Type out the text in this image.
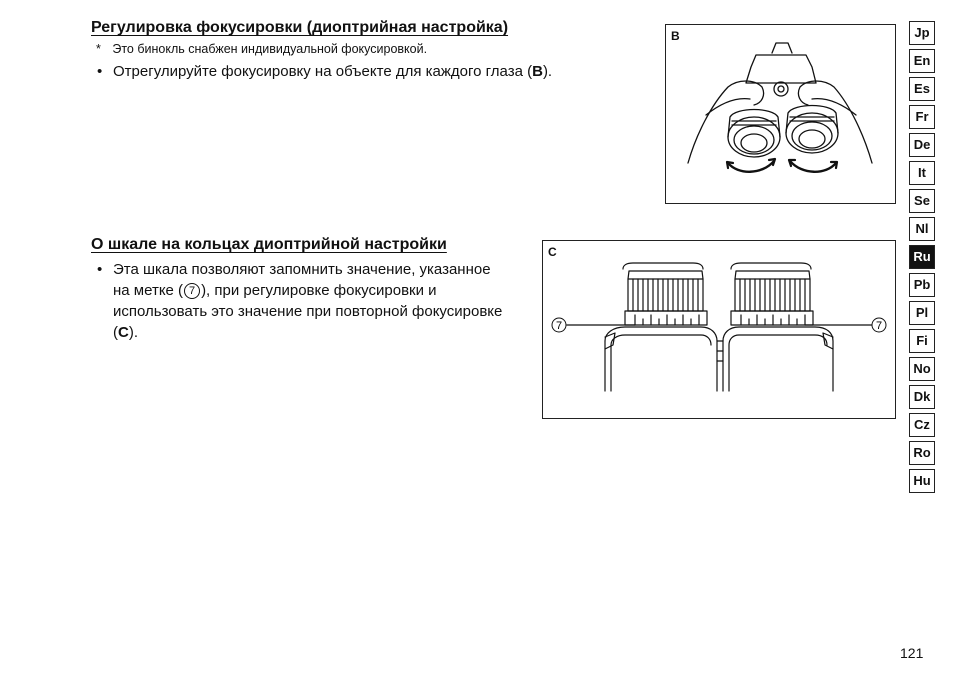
Регулировка фокусировки (диоптрийная настройка)
* Это бинокль снабжен индивидуальной фокусировкой.
• Отрегулируйте фокусировку на объекте для каждого глаза (B).
B
О шкале на кольцах диоптрийной настройки
• Эта шкала позволяют запомнить значение, указанное на метке ( 7 ), при регулировке фокусировки и использовать это значение при повторной фокусировке (C).
C
7	7
Jp
En
Es
Fr
De
It
Se
Nl
Ru
Pb
Pl
Fi
No
Dk
Cz
Ro
Hu
121
